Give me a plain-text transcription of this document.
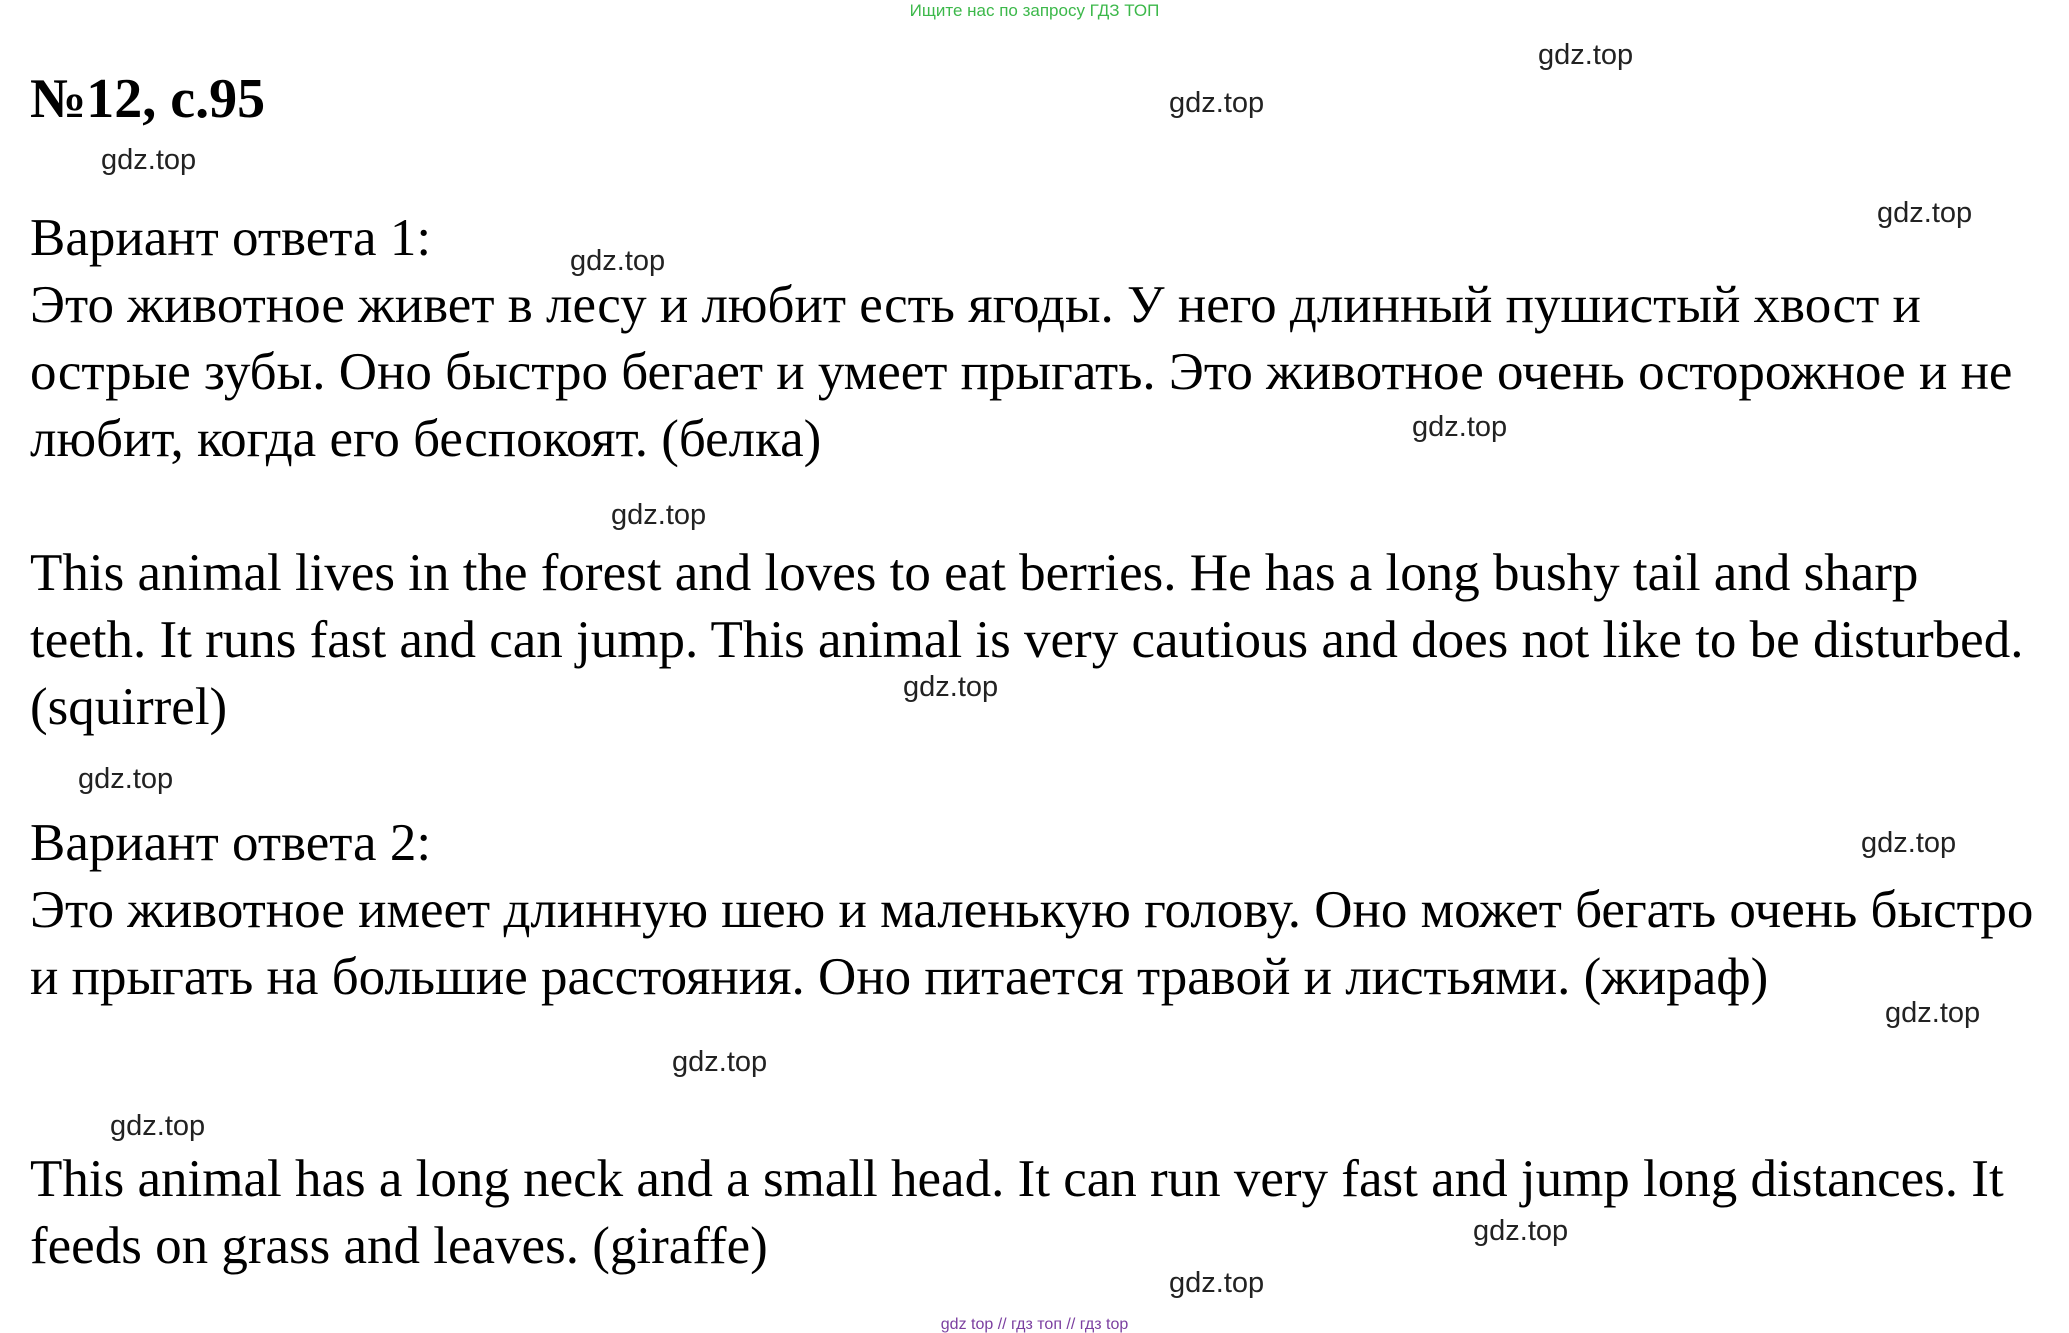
Ищите нас по запросу ГДЗ ТОП
№12, с.95
Вариант ответа 1:

Это животное живет в лесу и любит есть ягоды. У него длинный пушистый хвост и острые зубы. Оно быстро бегает и умеет прыгать. Это животное очень осторожное и не любит, когда его беспокоят. (белка)

This animal lives in the forest and loves to eat berries. He has a long bushy tail and sharp teeth. It runs fast and can jump. This animal is very cautious and does not like to be disturbed. (squirrel)

Вариант ответа 2:

Это животное имеет длинную шею и маленькую голову. Оно может бегать очень быстро и прыгать на большие расстояния. Оно питается травой и листьями. (жираф)

This animal has a long neck and a small head. It can run very fast and jump long distances. It feeds on grass and leaves. (giraffe)

gdz.top
gdz.top
gdz.top
gdz.top
gdz.top
gdz.top
gdz.top
gdz.top
gdz.top
gdz.top
gdz.top
gdz.top
gdz.top
gdz.top
gdz.top
gdz top // гдз топ // гдз top
